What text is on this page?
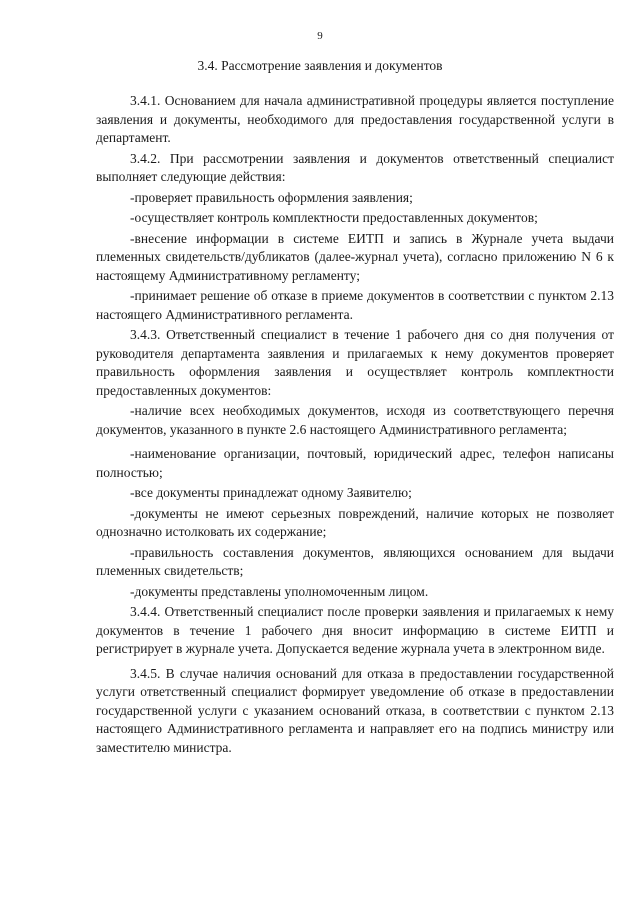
9
3.4. Рассмотрение заявления и документов

3.4.1. Основанием для начала административной процедуры является поступление заявления и документы, необходимого для предоставления государственной услуги в департамент.

3.4.2. При рассмотрении заявления и документов ответственный специалист выполняет следующие действия:

-проверяет правильность оформления заявления;

-осуществляет контроль комплектности предоставленных документов;

-внесение информации в системе ЕИТП и запись в Журнале учета выдачи племенных свидетельств/дубликатов (далее-журнал учета), согласно приложению N 6 к настоящему Административному регламенту;

-принимает решение об отказе в приеме документов в соответствии с пунктом 2.13 настоящего Административного регламента.

3.4.3. Ответственный специалист в течение 1 рабочего дня со дня получения от руководителя департамента заявления и прилагаемых к нему документов проверяет правильность оформления заявления и осуществляет контроль комплектности предоставленных документов:

-наличие всех необходимых документов, исходя из соответствующего перечня документов, указанного в пункте 2.6 настоящего Административного регламента;

-наименование организации, почтовый, юридический адрес, телефон написаны полностью;

-все документы принадлежат одному Заявителю;

-документы не имеют серьезных повреждений, наличие которых не позволяет однозначно истолковать их содержание;

-правильность составления документов, являющихся основанием для выдачи племенных свидетельств;

-документы представлены уполномоченным лицом.

3.4.4. Ответственный специалист после проверки заявления и прилагаемых к нему документов в течение 1 рабочего дня вносит информацию в системе ЕИТП и регистрирует в журнале учета. Допускается ведение журнала учета в электронном виде.

3.4.5. В случае наличия оснований для отказа в предоставлении государственной услуги ответственный специалист формирует уведомление об отказе в предоставлении государственной услуги с указанием оснований отказа, в соответствии с пунктом 2.13 настоящего Административного регламента и направляет его на подпись министру или заместителю министра.
